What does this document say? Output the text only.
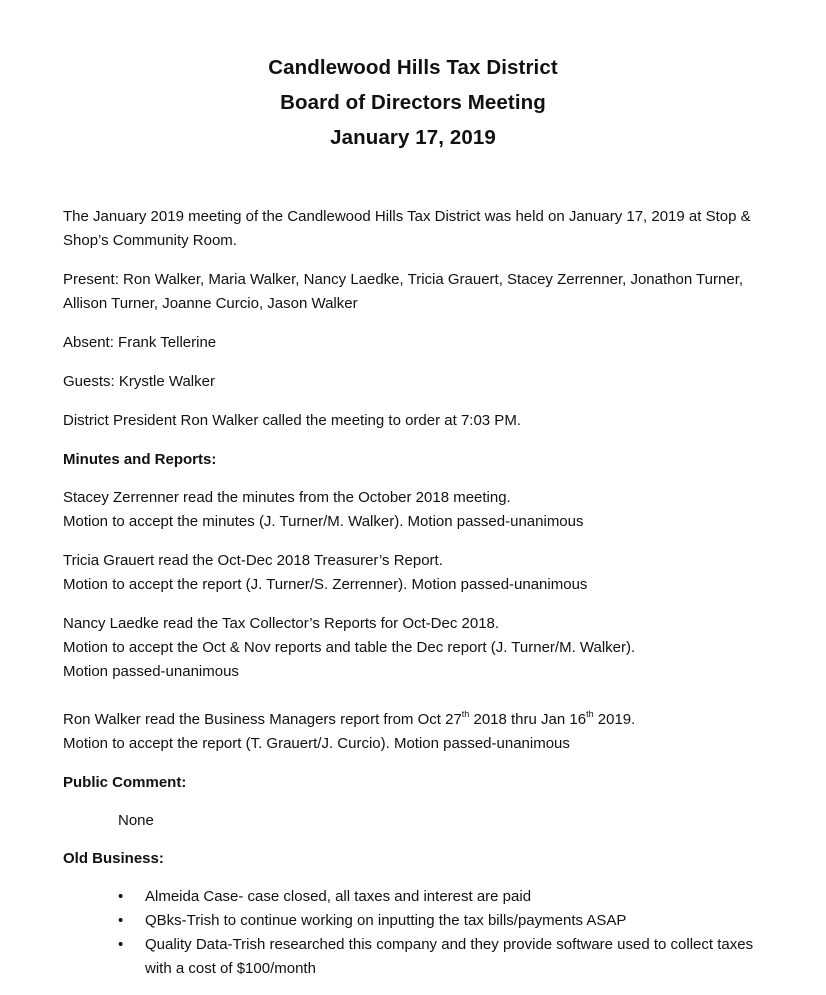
Candlewood Hills Tax District
Board of Directors Meeting
January 17, 2019

The January 2019 meeting of the Candlewood Hills Tax District was held on January 17, 2019 at Stop &
Shop’s Community Room.

Present: Ron Walker, Maria Walker, Nancy Laedke, Tricia Grauert, Stacey Zerrenner, Jonathon Turner,
Allison Turner, Joanne Curcio, Jason Walker

Absent: Frank Tellerine

Guests: Krystle Walker

District President Ron Walker called the meeting to order at 7:03 PM.

Minutes and Reports:

Stacey Zerrenner read the minutes from the October 2018 meeting.
Motion to accept the minutes (J. Turner/M. Walker). Motion passed-unanimous

Tricia Grauert read the Oct-Dec 2018 Treasurer’s Report.
Motion to accept the report (J. Turner/S. Zerrenner). Motion passed-unanimous

Nancy Laedke read the Tax Collector’s Reports for Oct-Dec 2018.
Motion to accept the Oct & Nov reports and table the Dec report (J. Turner/M. Walker).
Motion passed-unanimous

Ron Walker read the Business Managers report from Oct 27th 2018 thru Jan 16th 2019.
Motion to accept the report (T. Grauert/J. Curcio). Motion passed-unanimous

Public Comment:

None

Old Business:

• Almeida Case- case closed, all taxes and interest are paid
• QBks-Trish to continue working on inputting the tax bills/payments ASAP
• Quality Data-Trish researched this company and they provide software used to collect taxes
with a cost of $100/month
